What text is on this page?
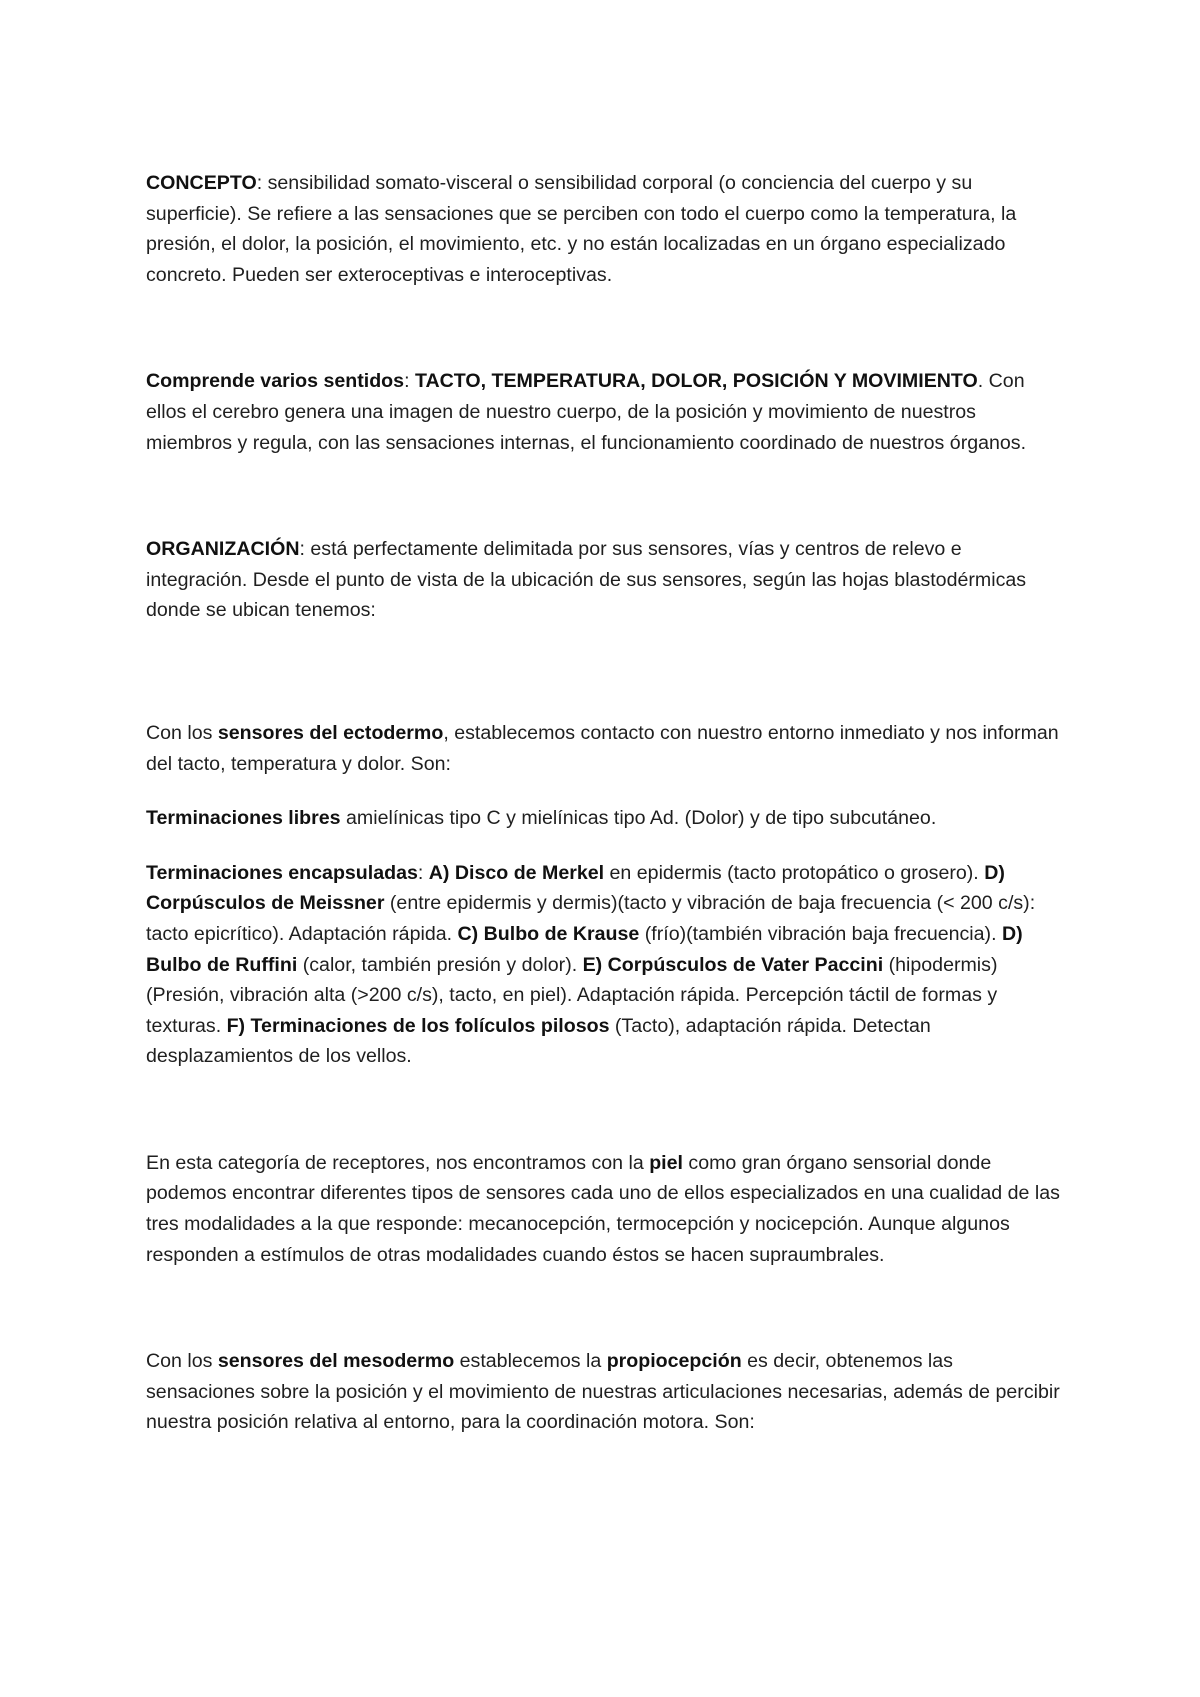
CONCEPTO: sensibilidad somato-visceral o sensibilidad corporal (o conciencia del cuerpo y su superficie). Se refiere a las sensaciones que se perciben con todo el cuerpo como la temperatura, la presión, el dolor, la posición, el movimiento, etc. y no están localizadas en un órgano especializado concreto. Pueden ser exteroceptivas e interoceptivas.

Comprende varios sentidos: TACTO, TEMPERATURA, DOLOR, POSICIÓN Y MOVIMIENTO. Con ellos el cerebro genera una imagen de nuestro cuerpo, de la posición y movimiento de nuestros miembros y regula, con las sensaciones internas, el funcionamiento coordinado de nuestros órganos.

ORGANIZACIÓN: está perfectamente delimitada por sus sensores, vías y centros de relevo e integración. Desde el punto de vista de la ubicación de sus sensores, según las hojas blastodérmicas donde se ubican tenemos:

Con los sensores del ectodermo, establecemos contacto con nuestro entorno inmediato y nos informan del tacto, temperatura y dolor. Son:

Terminaciones libres amielínicas tipo C y mielínicas tipo Ad. (Dolor) y de tipo subcutáneo.

Terminaciones encapsuladas: A) Disco de Merkel en epidermis (tacto protopático o grosero). D) Corpúsculos de Meissner (entre epidermis y dermis)(tacto y vibración de baja frecuencia (< 200 c/s): tacto epicrítico). Adaptación rápida. C) Bulbo de Krause (frío)(también vibración baja frecuencia). D) Bulbo de Ruffini (calor, también presión y dolor). E) Corpúsculos de Vater Paccini (hipodermis)(Presión, vibración alta (>200 c/s), tacto, en piel). Adaptación rápida. Percepción táctil de formas y texturas. F) Terminaciones de los folículos pilosos (Tacto), adaptación rápida. Detectan desplazamientos de los vellos.

En esta categoría de receptores, nos encontramos con la piel como gran órgano sensorial donde podemos encontrar diferentes tipos de sensores cada uno de ellos especializados en una cualidad de las tres modalidades a la que responde: mecanocepción, termocepción y nocicepción. Aunque algunos responden a estímulos de otras modalidades cuando éstos se hacen supraumbrales.

Con los sensores del mesodermo establecemos la propiocepción es decir, obtenemos las sensaciones sobre la posición y el movimiento de nuestras articulaciones necesarias, además de percibir nuestra posición relativa al entorno, para la coordinación motora. Son:
